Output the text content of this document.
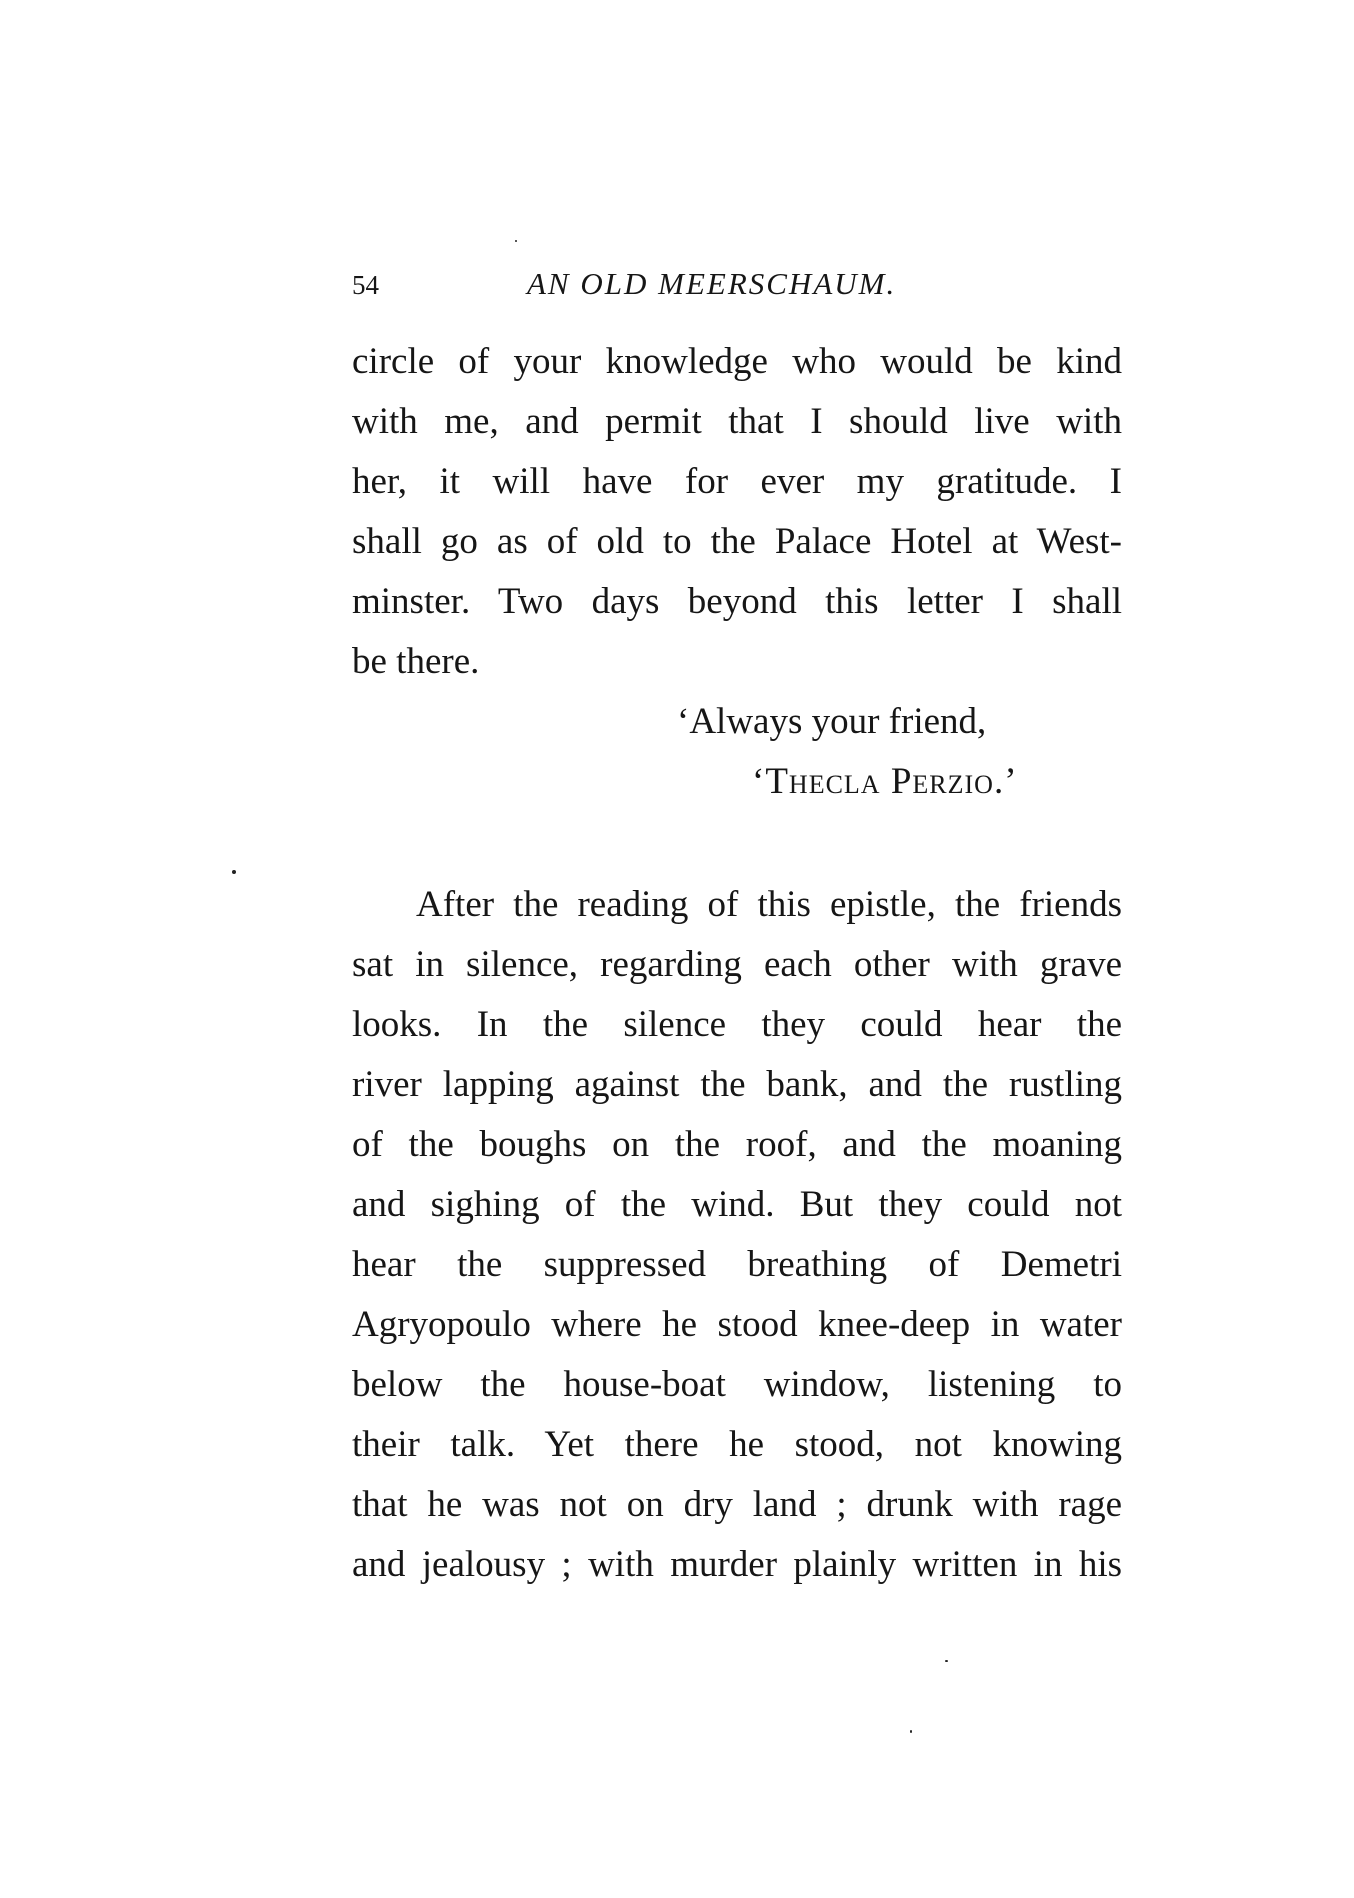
54	AN OLD MEERSCHAUM.
circle of your knowledge who would be kind
with me, and permit that I should live with
her, it will have for ever my gratitude. I
shall go as of old to the Palace Hotel at West-
minster. Two days beyond this letter I shall
be there.
‘Always your friend,
‘Thecla Perzio.’
After the reading of this epistle, the friends
sat in silence, regarding each other with grave
looks. In the silence they could hear the
river lapping against the bank, and the rustling
of the boughs on the roof, and the moaning
and sighing of the wind. But they could not
hear the suppressed breathing of Demetri
Agryopoulo where he stood knee-deep in water
below the house-boat window, listening to
their talk. Yet there he stood, not knowing
that he was not on dry land ; drunk with rage
and jealousy ; with murder plainly written in his
